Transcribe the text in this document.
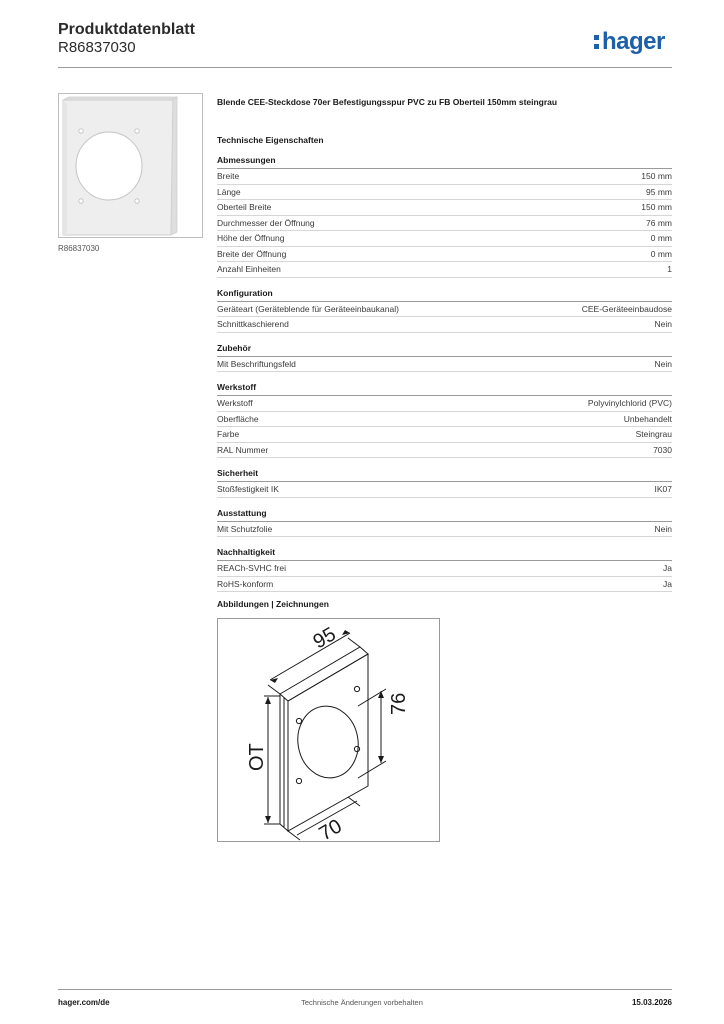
Produktdatenblatt
R86837030	hager
R86837030
Blende CEE-Steckdose 70er Befestigungsspur PVC zu FB Oberteil 150mm steingrau
Technische Eigenschaften
Abmessungen
Breite	150 mm
Länge	95 mm
Oberteil Breite	150 mm
Durchmesser der Öffnung	76 mm
Höhe der Öffnung	0 mm
Breite der Öffnung	0 mm
Anzahl Einheiten	1
Konfiguration
Geräteart (Geräteblende für Geräteeinbaukanal)	CEE-Geräteeinbaudose
Schnittkaschierend	Nein
Zubehör
Mit Beschriftungsfeld	Nein
Werkstoff
Werkstoff	Polyvinylchlorid (PVC)
Oberfläche	Unbehandelt
Farbe	Steingrau
RAL Nummer	7030
Sicherheit
Stoßfestigkeit IK	IK07
Ausstattung
Mit Schutzfolie	Nein
Nachhaltigkeit
REACh-SVHC frei	Ja
RoHS-konform	Ja
Abbildungen | Zeichnungen
95
76
OT
70
hager.com/de	Technische Änderungen vorbehalten	15.03.2026
